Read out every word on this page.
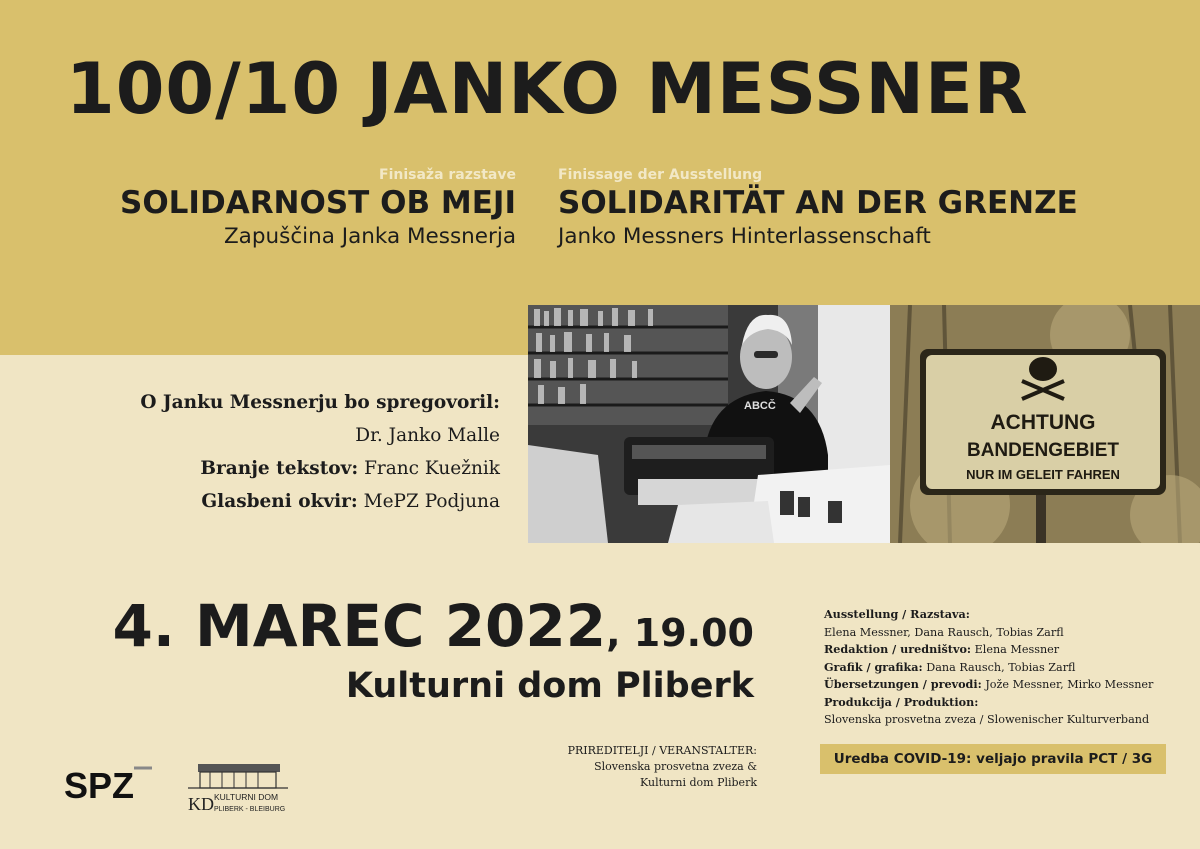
100/10 JANKO MESSNER
Finisaža razstave
SOLIDARNOST OB MEJI
Zapuščina Janka Messnerja
Finissage der Ausstellung
SOLIDARITÄT AN DER GRENZE
Janko Messners Hinterlassenschaft
ABCČ
ACHTUNG
BANDENGEBIET
NUR IM GELEIT FAHREN
O Janku Messnerju bo spregovoril:
Dr. Janko Malle
Branje tekstov: Franc Kuežnik
Glasbeni okvir: MePZ Podjuna
4. MAREC 2022, 19.00
Kulturni dom Pliberk
Ausstellung / Razstava:
Elena Messner, Dana Rausch, Tobias Zarfl
Redaktion / uredništvo: Elena Messner
Grafik / grafika: Dana Rausch, Tobias Zarfl
Übersetzungen / prevodi: Jože Messner, Mirko Messner
Produkcija / Produktion:
Slovenska prosvetna zveza / Slowenischer Kulturverband
Uredba COVID-19: veljajo pravila PCT / 3G
PRIREDITELJI / VERANSTALTER:
Slovenska prosvetna zveza &
Kulturni dom Pliberk
SPZ	KD KULTURNI DOM
PLIBERK - BLEIBURG
